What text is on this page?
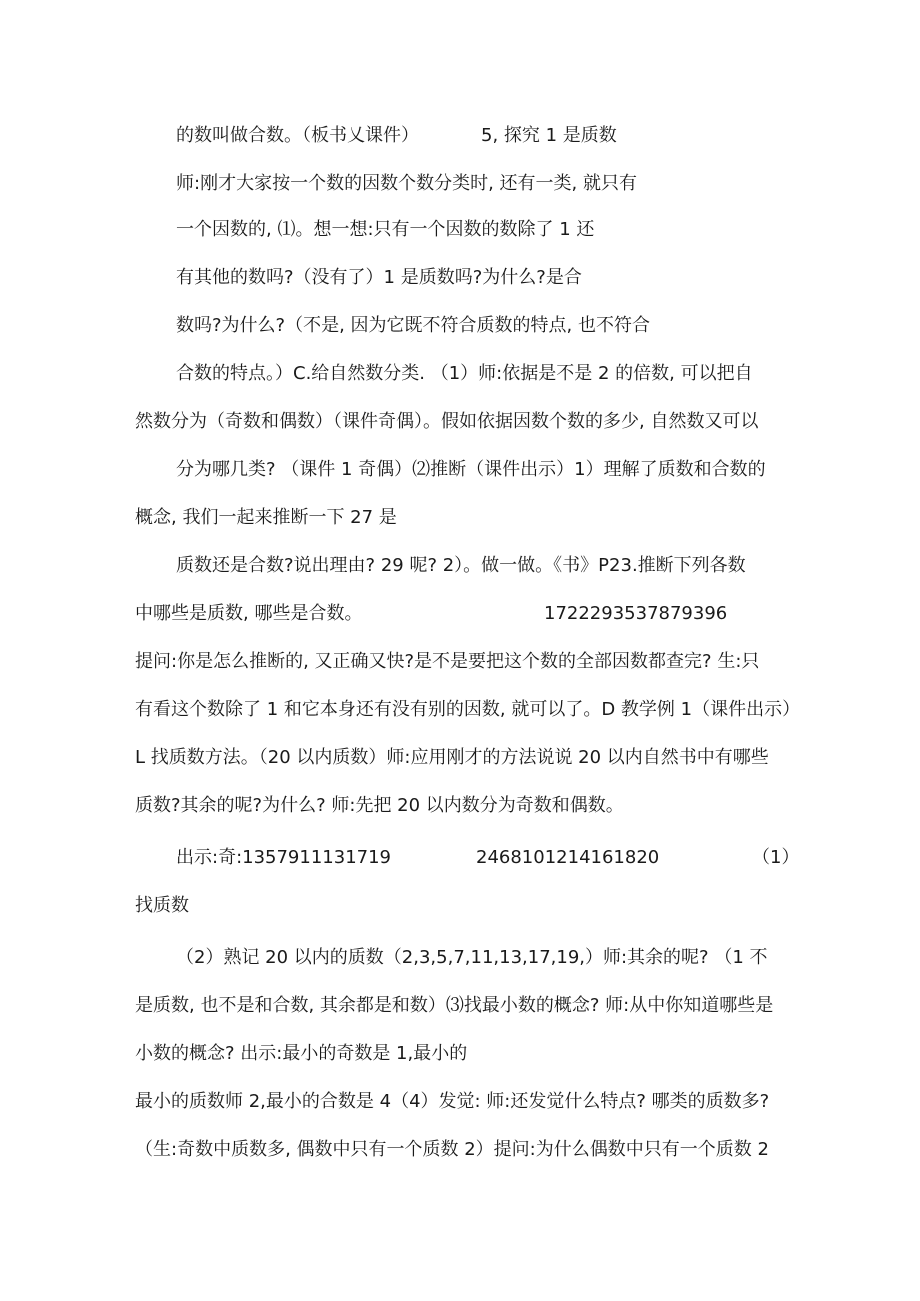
的数叫做合数。（板书乂课件）	5, 探究 1 是质数
师:刚才大家按一个数的因数个数分类时, 还有一类, 就只有
一个因数的, ⑴。想一想:只有一个因数的数除了 1 还
有其他的数吗?（没有了）1 是质数吗?为什么?是合
数吗?为什么?（不是, 因为它既不符合质数的特点, 也不符合
合数的特点。）C.给自然数分类. （1）师:依据是不是 2 的倍数, 可以把自
然数分为（奇数和偶数）（课件奇偶）。假如依据因数个数的多少, 自然数又可以
分为哪几类? （课件 1 奇偶）⑵推断（课件出示）1）理解了质数和合数的
概念, 我们一起来推断一下 27 是
质数还是合数?说出理由? 29 呢? 2）。做一做。《书》P23.推断下列各数
中哪些是质数, 哪些是合数。	1722293537879396
提问:你是怎么推断的, 又正确又快?是不是要把这个数的全部因数都查完? 生:只
有看这个数除了 1 和它本身还有没有别的因数, 就可以了。D 教学例 1（课件出示）
L 找质数方法。（20 以内质数）师:应用刚才的方法说说 20 以内自然书中有哪些
质数?其余的呢?为什么? 师:先把 20 以内数分为奇数和偶数。
出示:奇:1357911131719	2468101214161820	（1）
找质数
（2）熟记 20 以内的质数（2,3,5,7,11,13,17,19,）师:其余的呢? （1 不
是质数, 也不是和合数, 其余都是和数）⑶找最小数的概念? 师:从中你知道哪些是
小数的概念? 出示:最小的奇数是 1,最小的
最小的质数师 2,最小的合数是 4（4）发觉: 师:还发觉什么特点? 哪类的质数多?
（生:奇数中质数多, 偶数中只有一个质数 2）提问:为什么偶数中只有一个质数 2
